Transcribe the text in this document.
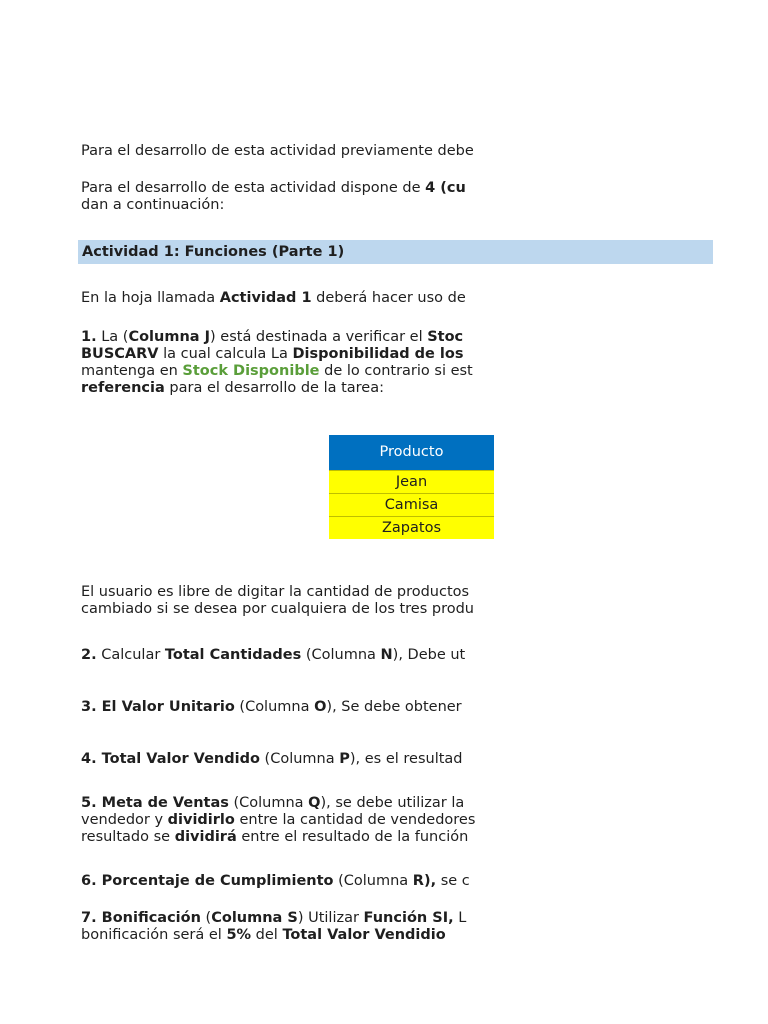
Para el desarrollo de esta actividad previamente debe
Para el desarrollo de esta actividad dispone de 4 (cu
dan a continuación:
Actividad 1: Funciones (Parte 1)
En la hoja llamada Actividad 1 deberá hacer uso de
1. La (Columna J) está destinada a verificar el Stoc
BUSCARV la cual calcula La Disponibilidad de los
mantenga en Stock Disponible de lo contrario si est
referencia para el desarrollo de la tarea:
Producto
Jean
Camisa
Zapatos
El usuario es libre de digitar la cantidad de productos
cambiado si se desea por cualquiera de los tres produ
2. Calcular Total Cantidades (Columna N), Debe ut
3. El Valor Unitario (Columna O), Se debe obtener
4. Total Valor Vendido (Columna P), es el resultad
5. Meta de Ventas (Columna Q), se debe utilizar la
vendedor y dividirlo entre la cantidad de vendedores
resultado se dividirá entre el resultado de la función
6. Porcentaje de Cumplimiento (Columna R), se c
7. Bonificación (Columna S) Utilizar Función SI, L
bonificación será el 5% del Total Valor Vendidio
